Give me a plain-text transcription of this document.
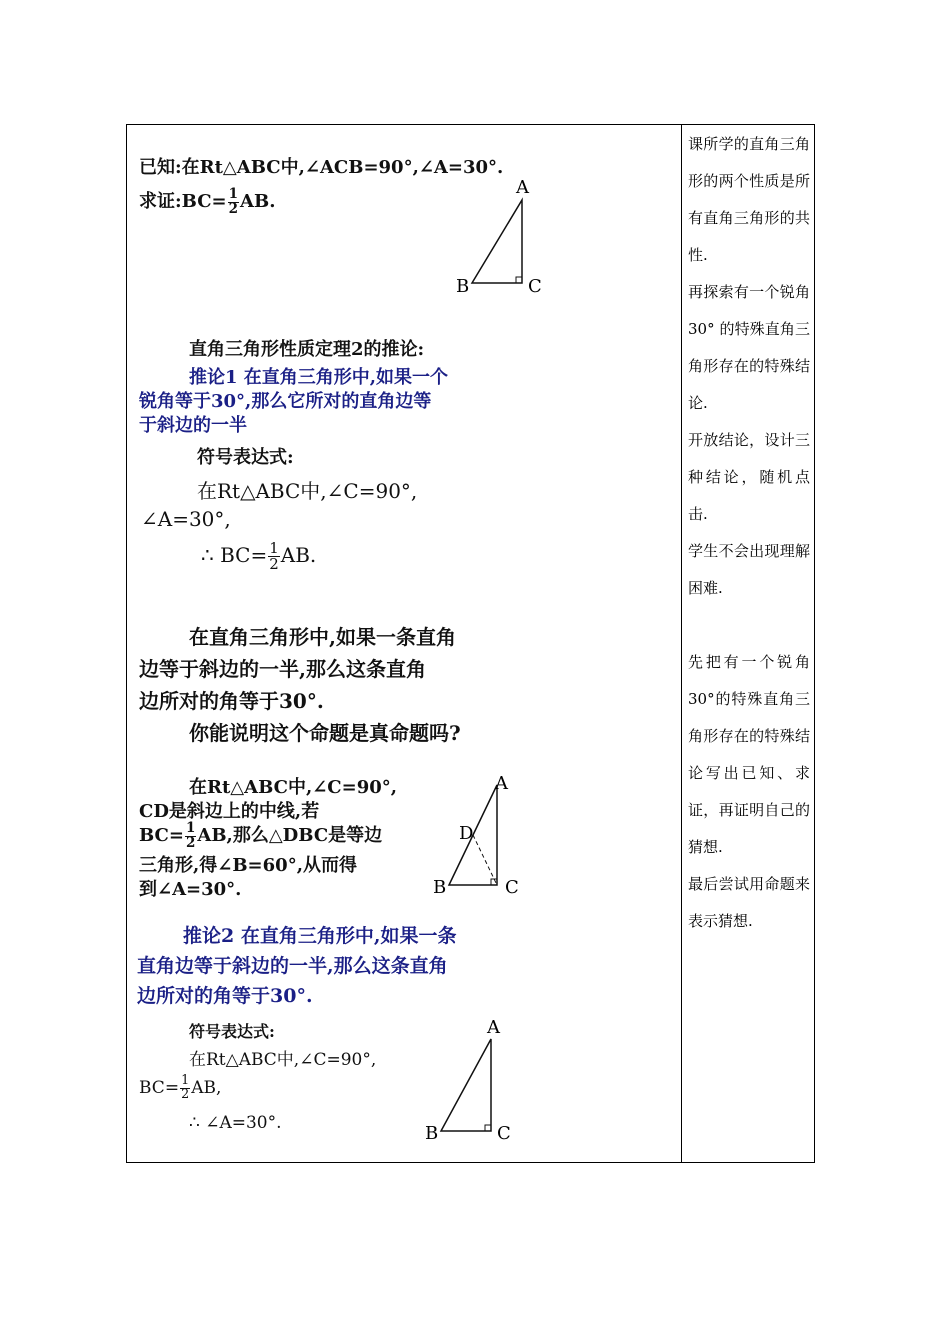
已知:在Rt△ABC中,∠ACB=90°,∠A=30°.
求证:BC= $\frac{1}{2}$ AB.
A
B	C
直角三角形性质定理2的推论:
推论1 在直角三角形中,如果一个
锐角等于30°,那么它所对的直角边等
于斜边的一半
符号表达式:
在Rt△ABC中,∠C=90°,
∠A=30°,
∴ $BC= \frac{1}{2}$ AB.
在直角三角形中,如果一条直角
边等于斜边的一半,那么这条直角
边所对的角等于30°.
你能说明这个命题是真命题吗?
在Rt△ABC中,∠C=90°,
CD是斜边上的中线,若
$BC= \frac{1}{2}$ AB,那么△DBC是等边
三角形,得∠B=60°,从而得
到∠A=30°.
A
D
B	C
推论2 在直角三角形中,如果一条
直角边等于斜边的一半,那么这条直角
边所对的角等于30°.
符号表达式:
在Rt△ABC中,∠C=90°,
$BC= \frac{1}{2}$ AB,
∴ ∠A=30°.
A
B	C

课所学的直角三角形的两个性质是所有直角三角形的共性.

再探索有一个锐角 30° 的特殊直角三角形存在的特殊结论.

开放结论，设计三种结论，随机点击.

学生不会出现理解困难.

先把有一个锐角30°的特殊直角三角形存在的特殊结论写出已知、求证，再证明自己的猜想.

最后尝试用命题来表示猜想.
